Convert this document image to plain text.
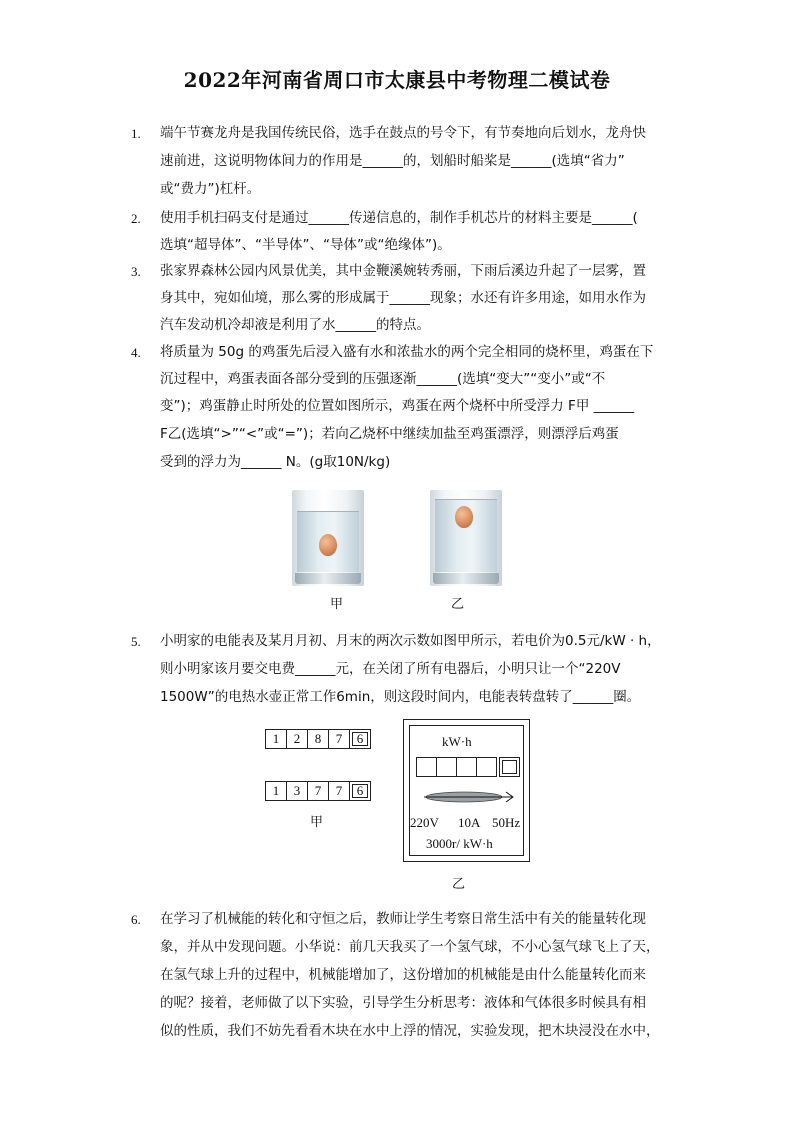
2022年河南省周口市太康县中考物理二模试卷
1. 端午节赛龙舟是我国传统民俗，选手在鼓点的号令下，有节奏地向后划水，龙舟快
速前进，这说明物体间力的作用是______的，划船时船桨是______(选填“省力”
或“费力”)杠杆。
2. 使用手机扫码支付是通过______传递信息的，制作手机芯片的材料主要是______(
选填“超导体”、“半导体”、“导体”或“绝缘体”)。
3. 张家界森林公园内风景优美，其中金鞭溪婉转秀丽，下雨后溪边升起了一层雾，置
身其中，宛如仙境，那么雾的形成属于______现象；水还有许多用途，如用水作为
汽车发动机冷却液是利用了水______的特点。
4. 将质量为 50g 的鸡蛋先后浸入盛有水和浓盐水的两个完全相同的烧杯里，鸡蛋在下
沉过程中，鸡蛋表面各部分受到的压强逐渐______(选填“变大”“变小”或“不
变”)；鸡蛋静止时所处的位置如图所示，鸡蛋在两个烧杯中所受浮力 F甲 ______
F乙(选填“>”“<”或“=”)；若向乙烧杯中继续加盐至鸡蛋漂浮，则漂浮后鸡蛋
受到的浮力为______ N。(g取10N/kg)
甲	乙
5. 小明家的电能表及某月月初、月末的两次示数如图甲所示，若电价为0.5元/kW · h，
则小明家该月要交电费______元，在关闭了所有电器后，小明只让一个“220V
1500W”的电热水壶正常工作6min，则这段时间内，电能表转盘转了______圈。
1	2	8	7	6
1	3	7	7	6
甲
kW·h
220V 10A 50Hz
3000r/ kW·h
乙
6. 在学习了机械能的转化和守恒之后，教师让学生考察日常生活中有关的能量转化现
象，并从中发现问题。小华说：前几天我买了一个氢气球，不小心氢气球飞上了天，
在氢气球上升的过程中，机械能增加了，这份增加的机械能是由什么能量转化而来
的呢？接着，老师做了以下实验，引导学生分析思考：液体和气体很多时候具有相
似的性质，我们不妨先看看木块在水中上浮的情况，实验发现，把木块浸没在水中，
